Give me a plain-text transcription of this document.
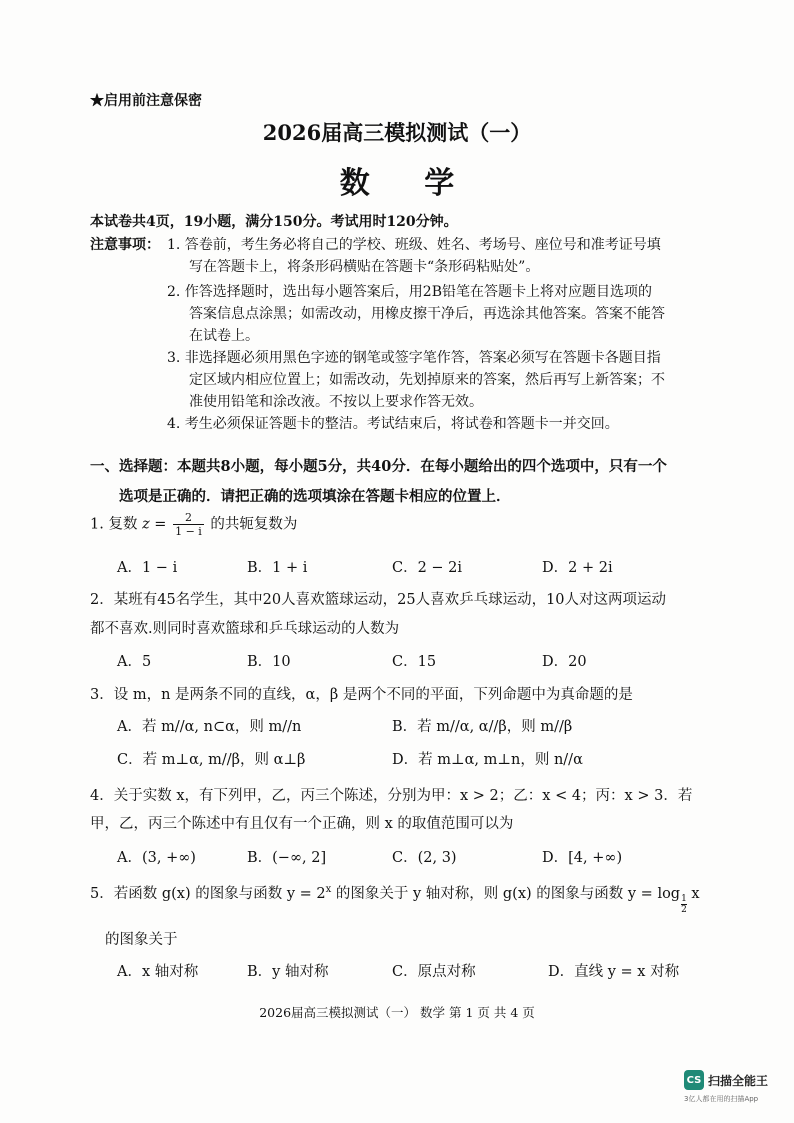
★启用前注意保密
2026届高三模拟测试（一）
数 学
本试卷共4页，19小题，满分150分。考试用时120分钟。
注意事项： 1. 答卷前，考生务必将自己的学校、班级、姓名、考场号、座位号和准考证号填
写在答题卡上，将条形码横贴在答题卡“条形码粘贴处”。
2. 作答选择题时，选出每小题答案后，用2B铅笔在答题卡上将对应题目选项的
答案信息点涂黑；如需改动，用橡皮擦干净后，再选涂其他答案。答案不能答
在试卷上。
3. 非选择题必须用黑色字迹的钢笔或签字笔作答，答案必须写在答题卡各题目指
定区域内相应位置上；如需改动，先划掉原来的答案，然后再写上新答案；不
准使用铅笔和涂改液。不按以上要求作答无效。
4. 考生必须保证答题卡的整洁。考试结束后，将试卷和答题卡一并交回。
一、选择题：本题共8小题，每小题5分，共40分．在每小题给出的四个选项中，只有一个
选项是正确的．请把正确的选项填涂在答题卡相应的位置上．
1. 复数 $z = \frac{2}{1 - i}$ 的共轭复数为
A．1 − i	B．1 + i	C．2 − 2i	D．2 + 2i
2．某班有45名学生，其中20人喜欢篮球运动，25人喜欢乒乓球运动，10人对这两项运动
都不喜欢.则同时喜欢篮球和乒乓球运动的人数为
A．5	B．10	C．15	D．20
3．设 m，n 是两条不同的直线，α，β 是两个不同的平面，下列命题中为真命题的是
A．若 m//α, n⊂α，则 m//n	B．若 m//α, α//β，则 m//β
C．若 m⊥α, m//β，则 α⊥β	D．若 m⊥α, m⊥n，则 n//α
4．关于实数 x，有下列甲，乙，丙三个陈述，分别为甲：x > 2；乙：x < 4；丙：x > 3．若
甲，乙，丙三个陈述中有且仅有一个正确，则 x 的取值范围可以为
A．(3, +∞)	B．(−∞, 2]	C．(2, 3)	D．[4, +∞)
5．若函数 g(x) 的图象与函数 $y = 2^x$ 的图象关于 y 轴对称，则 g(x) 的图象与函数 $y = \log \frac{1}{2}$ x
的图象关于
A．x 轴对称	B．y 轴对称	C．原点对称	D．直线 y = x 对称
2026届高三模拟测试（一） 数学 第 1 页 共 4 页
CS 扫描全能王
3亿人都在用的扫描App
